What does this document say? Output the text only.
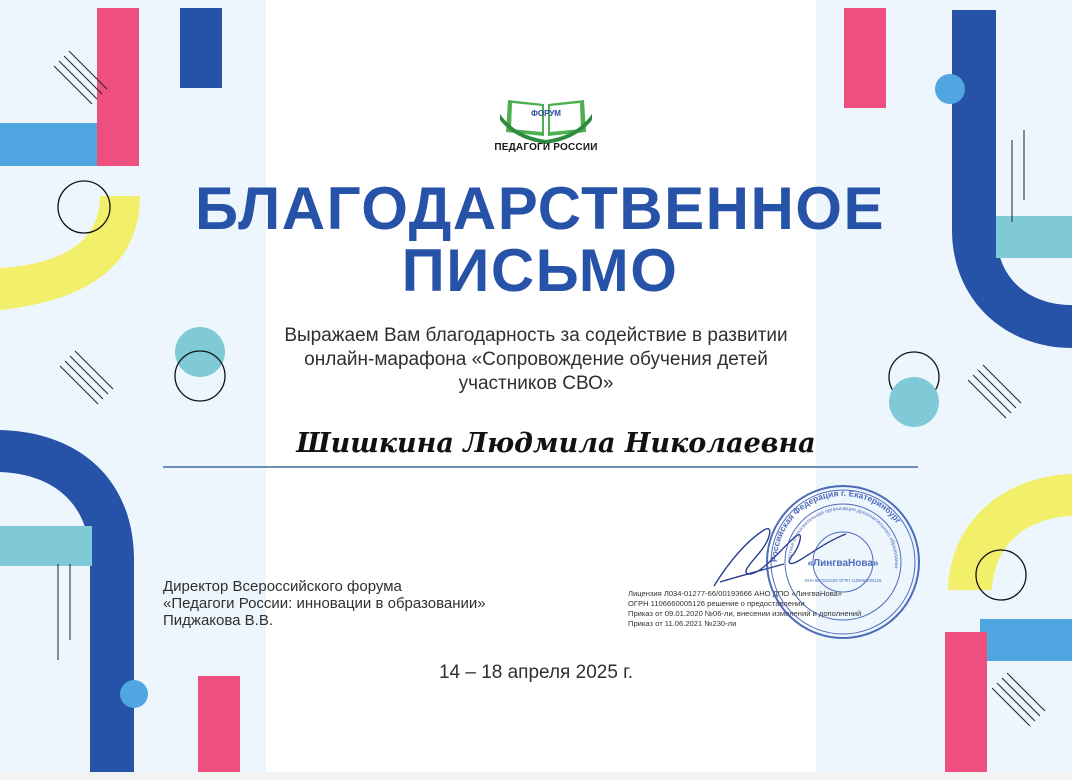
ФОРУМ
ПЕДАГОГИ РОССИИ
БЛАГОДАРСТВЕННОЕ
ПИСЬМО
Выражаем Вам благодарность за содействие в развитии
онлайн-марафона «Сопровождение обучения детей
участников СВО»
Шишкина Людмила Николаевна
Директор Всероссийского форума
«Педагоги России: инновации в образовании»
Пиджакова В.В.
Лицензия Л034-01277-66/00193666 АНО ДПО «ЛингваНова»
ОГРН 1106660005126 решение о предоставлении
Приказ от 09.01.2020 №06-ли, внесении изменений и дополнений
Приказ от 11.06.2021 №230-ли
Российская Федерация г. Екатеринбург
частное образовательная организация дополнительного образования
«ЛингваНова»
ИНН 6672321180 ОГРН 1106660005126
14 – 18 апреля 2025 г.
